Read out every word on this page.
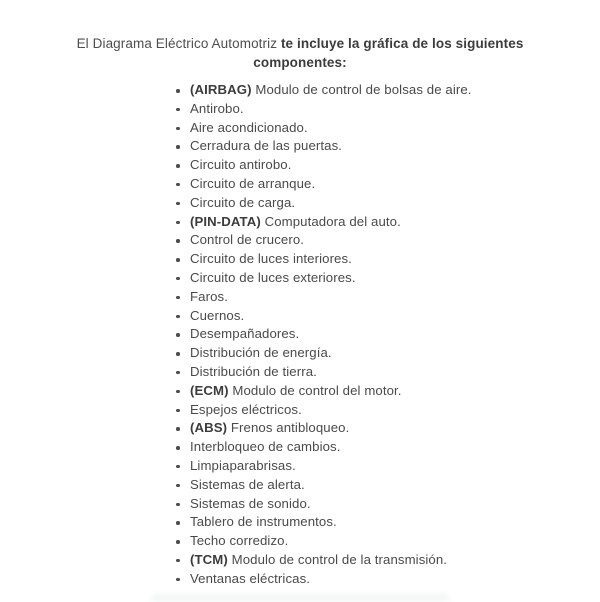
El Diagrama Eléctrico Automotriz te incluye la gráfica de los siguientes
componentes:
(AIRBAG) Modulo de control de bolsas de aire.
Antirobo.
Aire acondicionado.
Cerradura de las puertas.
Circuito antirobo.
Circuito de arranque.
Circuito de carga.
(PIN-DATA) Computadora del auto.
Control de crucero.
Circuito de luces interiores.
Circuito de luces exteriores.
Faros.
Cuernos.
Desempañadores.
Distribución de energía.
Distribución de tierra.
(ECM) Modulo de control del motor.
Espejos eléctricos.
(ABS) Frenos antibloqueo.
Interbloqueo de cambios.
Limpiaparabrisas.
Sistemas de alerta.
Sistemas de sonido.
Tablero de instrumentos.
Techo corredizo.
(TCM) Modulo de control de la transmisión.
Ventanas eléctricas.
